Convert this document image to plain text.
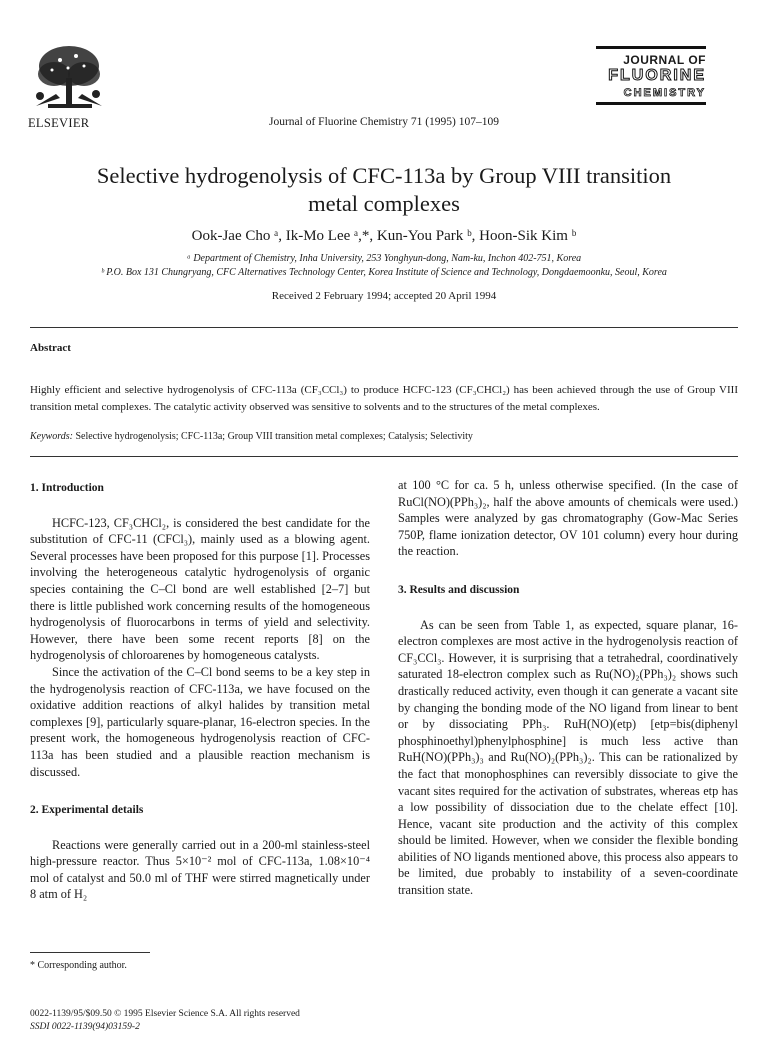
ELSEVIER	Journal of Fluorine Chemistry 71 (1995) 107–109
JOURNAL OF
FLUORINE
CHEMISTRY
Selective hydrogenolysis of CFC-113a by Group VIII transition
metal complexes
Ook-Jae Cho ᵃ, Ik-Mo Lee ᵃ,*, Kun-You Park ᵇ, Hoon-Sik Kim ᵇ
ᵃ Department of Chemistry, Inha University, 253 Yonghyun-dong, Nam-ku, Inchon 402-751, Korea
ᵇ P.O. Box 131 Chungryang, CFC Alternatives Technology Center, Korea Institute of Science and Technology, Dongdaemoonku, Seoul, Korea
Received 2 February 1994; accepted 20 April 1994
Abstract
Highly efficient and selective hydrogenolysis of CFC-113a (CF₃CCl₃) to produce HCFC-123 (CF₃CHCl₂) has been achieved through the use of Group VIII transition metal complexes. The catalytic activity observed was sensitive to solvents and to the structures of the metal complexes.
Keywords: Selective hydrogenolysis; CFC-113a; Group VIII transition metal complexes; Catalysis; Selectivity
1. Introduction

HCFC-123, CF₃CHCl₂, is considered the best candidate for the substitution of CFC-11 (CFCl₃), mainly used as a blowing agent. Several processes have been proposed for this purpose [1]. Processes involving the heterogeneous catalytic hydrogenolysis of organic species containing the C–Cl bond are well established [2–7] but there is little published work concerning results of the homogeneous hydrogenolysis of fluorocarbons in terms of yield and selectivity. However, there have been some recent reports [8] on the hydrogenolysis of chloroarenes by homogeneous catalysts.

Since the activation of the C–Cl bond seems to be a key step in the hydrogenolysis reaction of CFC-113a, we have focused on the oxidative addition reactions of alkyl halides by transition metal complexes [9], particularly square-planar, 16-electron species. In the present work, the homogeneous hydrogenolysis reaction of CFC-113a has been studied and a plausible reaction mechanism is discussed.

2. Experimental details

Reactions were generally carried out in a 200-ml stainless-steel high-pressure reactor. Thus 5×10⁻² mol of CFC-113a, 1.08×10⁻⁴ mol of catalyst and 50.0 ml of THF were stirred magnetically under 8 atm of H₂

* Corresponding author.

at 100 °C for ca. 5 h, unless otherwise specified. (In the case of RuCl(NO)(PPh₃)₂, half the above amounts of chemicals were used.) Samples were analyzed by gas chromatography (Gow-Mac Series 750P, flame ionization detector, OV 101 column) every hour during the reaction.

3. Results and discussion

As can be seen from Table 1, as expected, square planar, 16-electron complexes are most active in the hydrogenolysis reaction of CF₃CCl₃. However, it is surprising that a tetrahedral, coordinatively saturated 18-electron complex such as Ru(NO)₂(PPh₃)₂ shows such drastically reduced activity, even though it can generate a vacant site by changing the bonding mode of the NO ligand from linear to bent or by dissociating PPh₃. RuH(NO)(etp) [etp=bis(diphenyl phosphinoethyl)phenylphosphine] is much less active than RuH(NO)(PPh₃)₃ and Ru(NO)₂(PPh₃)₂. This can be rationalized by the fact that monophosphines can reversibly dissociate to give the vacant sites required for the activation of substrates, whereas etp has a low possibility of dissociation due to the chelate effect [10]. Hence, vacant site production and the activity of this complex should be limited. However, when we consider the flexible bonding abilities of NO ligands mentioned above, this process also appears to be limited, due probably to instability of a seven-coordinate transition state.

0022-1139/95/$09.50 © 1995 Elsevier Science S.A. All rights reserved
SSDI 0022-1139(94)03159-2
